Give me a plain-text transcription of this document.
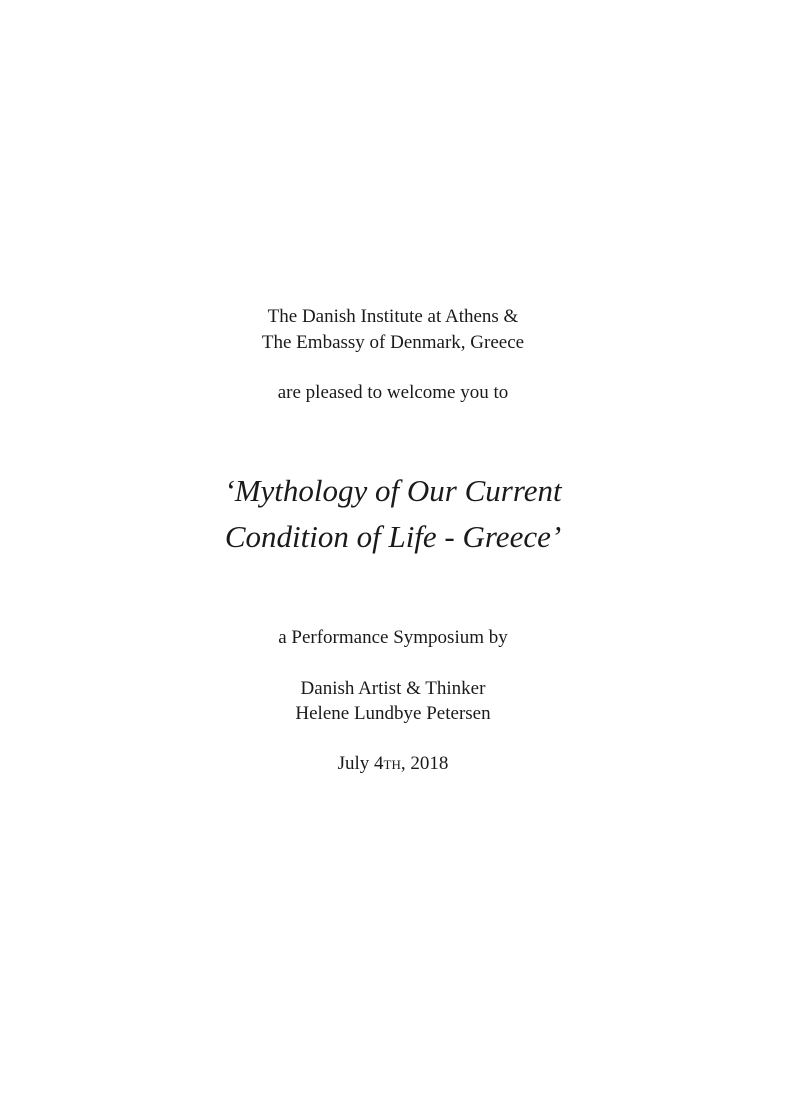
The Danish Institute at Athens &
The Embassy of Denmark, Greece
are pleased to welcome you to
‘Mythology of Our Current
Condition of Life - Greece’
a Performance Symposium by
Danish Artist & Thinker
Helene Lundbye Petersen
July 4th, 2018
